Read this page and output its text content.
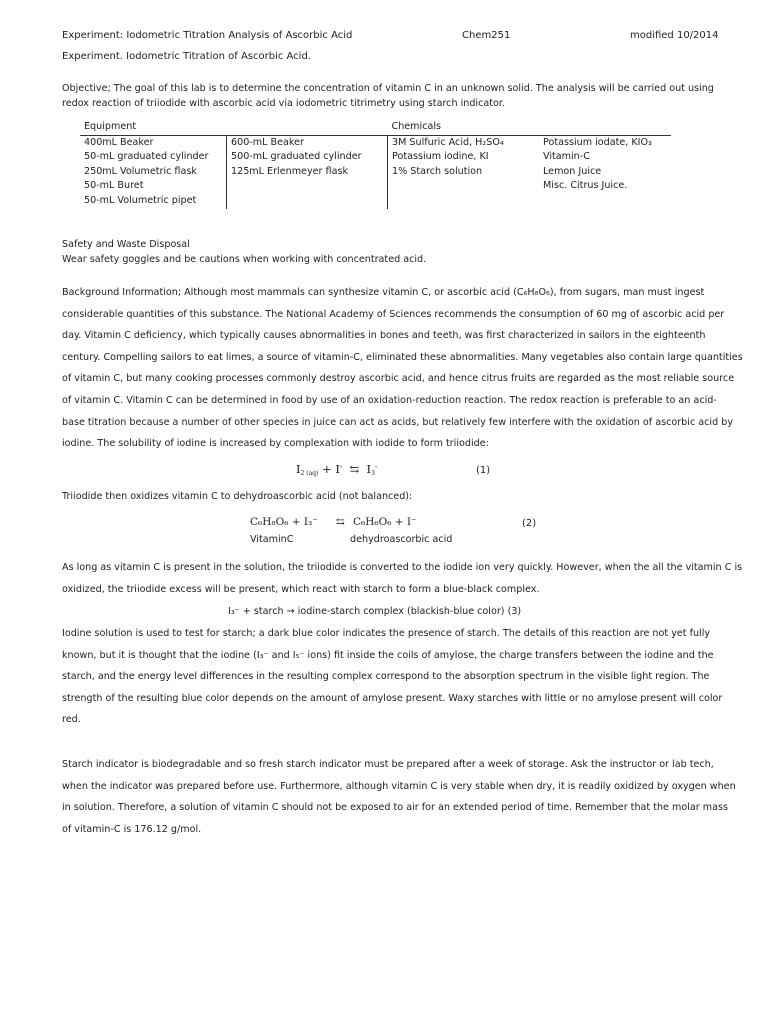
Experiment: Iodometric Titration Analysis of Ascorbic Acid	Chem251	modified 10/2014
Experiment. Iodometric Titration of Ascorbic Acid.
Objective; The goal of this lab is to determine the concentration of vitamin C in an unknown solid. The analysis will be carried out using
redox reaction of triiodide with ascorbic acid via iodometric titrimetry using starch indicator.
Equipment		Chemicals	
400mL Beaker	600-mL Beaker	3M Sulfuric Acid, H₂SO₄	Potassium iodate, KIO₃
50-mL graduated cylinder	500-mL graduated cylinder	Potassium iodine, KI	Vitamin-C
250mL Volumetric flask	125mL Erlenmeyer flask	1% Starch solution	Lemon Juice
50-mL Buret			Misc. Citrus Juice.
50-mL Volumetric pipet			
Safety and Waste Disposal
Wear safety goggles and be cautions when working with concentrated acid.
Background Information; Although most mammals can synthesize vitamin C, or ascorbic acid (C₆H₈O₆), from sugars, man must ingest
considerable quantities of this substance. The National Academy of Sciences recommends the consumption of 60 mg of ascorbic acid per
day. Vitamin C deficiency, which typically causes abnormalities in bones and teeth, was first characterized in sailors in the eighteenth
century. Compelling sailors to eat limes, a source of vitamin-C, eliminated these abnormalities. Many vegetables also contain large quantities
of vitamin C, but many cooking processes commonly destroy ascorbic acid, and hence citrus fruits are regarded as the most reliable source
of vitamin C. Vitamin C can be determined in food by use of an oxidation-reduction reaction. The redox reaction is preferable to an acid-
base titration because a number of other species in juice can act as acids, but relatively few interfere with the oxidation of ascorbic acid by
iodine. The solubility of iodine is increased by complexation with iodide to form triiodide:
$I_{2 (aq)} + I^-$ ⇆ $I_3^-$	(1)
Triiodide then oxidizes vitamin C to dehydroascorbic acid (not balanced):
C₆H₈O₆ + I₃⁻ ⇆ C₆H₆O₆ + I⁻	(2)
VitaminC	dehydroascorbic acid
As long as vitamin C is present in the solution, the triiodide is converted to the iodide ion very quickly. However, when the all the vitamin C is
oxidized, the triiodide excess will be present, which react with starch to form a blue-black complex.
I₃⁻ + starch → iodine-starch complex (blackish-blue color) (3)
Iodine solution is used to test for starch; a dark blue color indicates the presence of starch. The details of this reaction are not yet fully
known, but it is thought that the iodine (I₃⁻ and I₅⁻ ions) fit inside the coils of amylose, the charge transfers between the iodine and the
starch, and the energy level differences in the resulting complex correspond to the absorption spectrum in the visible light region. The
strength of the resulting blue color depends on the amount of amylose present. Waxy starches with little or no amylose present will color
red.
Starch indicator is biodegradable and so fresh starch indicator must be prepared after a week of storage. Ask the instructor or lab tech,
when the indicator was prepared before use. Furthermore, although vitamin C is very stable when dry, it is readily oxidized by oxygen when
in solution. Therefore, a solution of vitamin C should not be exposed to air for an extended period of time. Remember that the molar mass
of vitamin-C is 176.12 g/mol.
